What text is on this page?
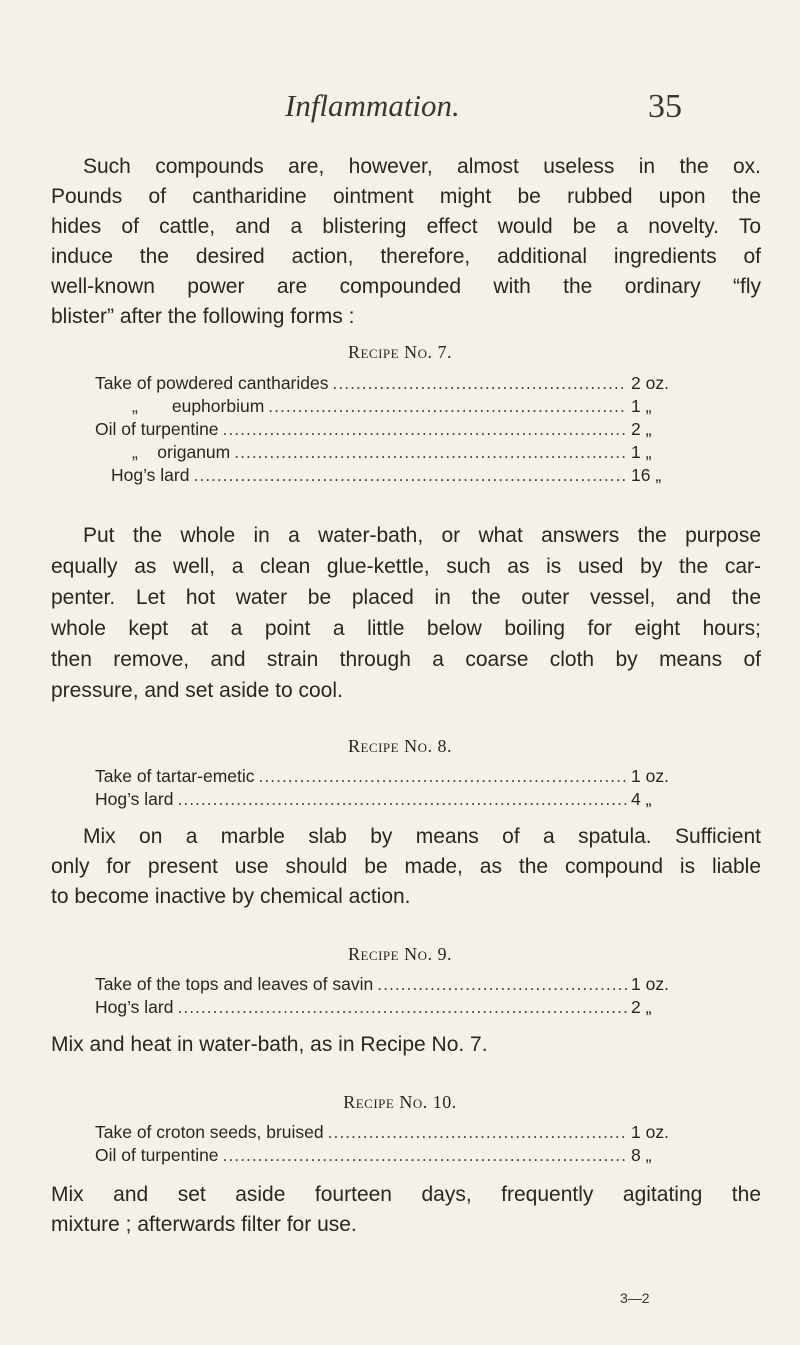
Inflammation.	35

Such compounds are, however, almost useless in the ox.
Pounds of cantharidine ointment might be rubbed upon the
hides of cattle, and a blistering effect would be a novelty. To
induce the desired action, therefore, additional ingredients of
well-known power are compounded with the ordinary “fly
blister” after the following forms :

Recipe No. 7.
Take of powdered cantharides .....	2 oz.
„       euphorbium .....	1 „
Oil of turpentine .....	2 „
„    origanum .....	1 „
Hog’s lard .....	16 „

Put the whole in a water-bath, or what answers the purpose
equally as well, a clean glue-kettle, such as is used by the car-
penter. Let hot water be placed in the outer vessel, and the
whole kept at a point a little below boiling for eight hours;
then remove, and strain through a coarse cloth by means of
pressure, and set aside to cool.

Recipe No. 8.
Take of tartar-emetic .....	1 oz.
Hog’s lard .....	4 „

Mix on a marble slab by means of a spatula. Sufficient
only for present use should be made, as the compound is liable
to become inactive by chemical action.

Recipe No. 9.
Take of the tops and leaves of savin .....	1 oz.
Hog’s lard .....	2 „

Mix and heat in water-bath, as in Recipe No. 7.

Recipe No. 10.
Take of croton seeds, bruised .....	1 oz.
Oil of turpentine .....	8 „

Mix and set aside fourteen days, frequently agitating the
mixture ; afterwards filter for use.

3—2
